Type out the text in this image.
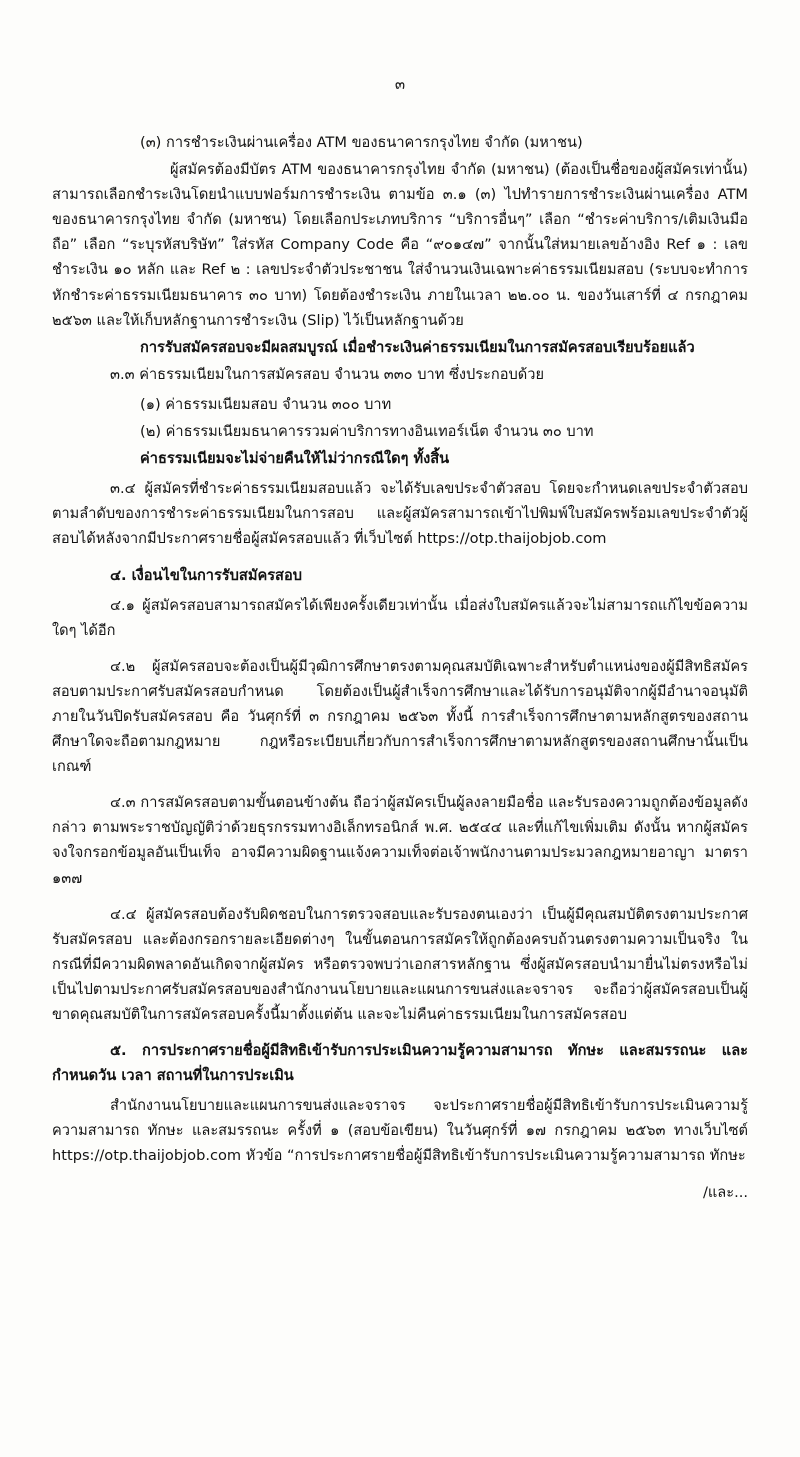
๓

(๓) การชำระเงินผ่านเครื่อง ATM ของธนาคารกรุงไทย จำกัด (มหาชน)

ผู้สมัครต้องมีบัตร ATM ของธนาคารกรุงไทย จำกัด (มหาชน) (ต้องเป็นชื่อของผู้สมัครเท่านั้น) สามารถเลือกชำระเงินโดยนำแบบฟอร์มการชำระเงิน ตามข้อ ๓.๑ (๓) ไปทำรายการชำระเงินผ่านเครื่อง ATM ของธนาคารกรุงไทย จำกัด (มหาชน) โดยเลือกประเภทบริการ “บริการอื่นๆ” เลือก “ชำระค่าบริการ/เติมเงินมือถือ” เลือก “ระบุรหัสบริษัท” ใส่รหัส Company Code คือ “๙๐๑๔๗” จากนั้นใส่หมายเลขอ้างอิง Ref ๑ : เลขชำระเงิน ๑๐ หลัก และ Ref ๒ : เลขประจำตัวประชาชน ใส่จำนวนเงินเฉพาะค่าธรรมเนียมสอบ (ระบบจะทำการหักชำระค่าธรรมเนียมธนาคาร ๓๐ บาท) โดยต้องชำระเงิน ภายในเวลา ๒๒.๐๐ น. ของวันเสาร์ที่ ๔ กรกฎาคม ๒๕๖๓ และให้เก็บหลักฐานการชำระเงิน (Slip) ไว้เป็นหลักฐานด้วย

การรับสมัครสอบจะมีผลสมบูรณ์ เมื่อชำระเงินค่าธรรมเนียมในการสมัครสอบเรียบร้อยแล้ว

๓.๓ ค่าธรรมเนียมในการสมัครสอบ จำนวน ๓๓๐ บาท ซึ่งประกอบด้วย

(๑) ค่าธรรมเนียมสอบ จำนวน ๓๐๐ บาท

(๒) ค่าธรรมเนียมธนาคารรวมค่าบริการทางอินเทอร์เน็ต จำนวน ๓๐ บาท

ค่าธรรมเนียมจะไม่จ่ายคืนให้ไม่ว่ากรณีใดๆ ทั้งสิ้น

๓.๔ ผู้สมัครที่ชำระค่าธรรมเนียมสอบแล้ว จะได้รับเลขประจำตัวสอบ โดยจะกำหนดเลขประจำตัวสอบ ตามลำดับของการชำระค่าธรรมเนียมในการสอบ และผู้สมัครสามารถเข้าไปพิมพ์ใบสมัครพร้อมเลขประจำตัวผู้สอบได้หลังจากมีประกาศรายชื่อผู้สมัครสอบแล้ว ที่เว็บไซต์ https://otp.thaijobjob.com

๔. เงื่อนไขในการรับสมัครสอบ

๔.๑ ผู้สมัครสอบสามารถสมัครได้เพียงครั้งเดียวเท่านั้น เมื่อส่งใบสมัครแล้วจะไม่สามารถแก้ไขข้อความใดๆ ได้อีก

๔.๒ ผู้สมัครสอบจะต้องเป็นผู้มีวุฒิการศึกษาตรงตามคุณสมบัติเฉพาะสำหรับตำแหน่งของผู้มีสิทธิสมัครสอบตามประกาศรับสมัครสอบกำหนด โดยต้องเป็นผู้สำเร็จการศึกษาและได้รับการอนุมัติจากผู้มีอำนาจอนุมัติ ภายในวันปิดรับสมัครสอบ คือ วันศุกร์ที่ ๓ กรกฎาคม ๒๕๖๓ ทั้งนี้ การสำเร็จการศึกษาตามหลักสูตรของสถานศึกษาใดจะถือตามกฎหมาย กฎหรือระเบียบเกี่ยวกับการสำเร็จการศึกษาตามหลักสูตรของสถานศึกษานั้นเป็นเกณฑ์

๔.๓ การสมัครสอบตามขั้นตอนข้างต้น ถือว่าผู้สมัครเป็นผู้ลงลายมือชื่อ และรับรองความถูกต้องข้อมูลดังกล่าว ตามพระราชบัญญัติว่าด้วยธุรกรรมทางอิเล็กทรอนิกส์ พ.ศ. ๒๕๔๔ และที่แก้ไขเพิ่มเติม ดังนั้น หากผู้สมัครจงใจกรอกข้อมูลอันเป็นเท็จ อาจมีความผิดฐานแจ้งความเท็จต่อเจ้าพนักงานตามประมวลกฎหมายอาญา มาตรา ๑๓๗

๔.๔ ผู้สมัครสอบต้องรับผิดชอบในการตรวจสอบและรับรองตนเองว่า เป็นผู้มีคุณสมบัติตรงตามประกาศรับสมัครสอบ และต้องกรอกรายละเอียดต่างๆ ในขั้นตอนการสมัครให้ถูกต้องครบถ้วนตรงตามความเป็นจริง ในกรณีที่มีความผิดพลาดอันเกิดจากผู้สมัคร หรือตรวจพบว่าเอกสารหลักฐาน ซึ่งผู้สมัครสอบนำมายื่นไม่ตรงหรือไม่เป็นไปตามประกาศรับสมัครสอบของสำนักงานนโยบายและแผนการขนส่งและจราจร จะถือว่าผู้สมัครสอบเป็นผู้ขาดคุณสมบัติในการสมัครสอบครั้งนี้มาตั้งแต่ต้น และจะไม่คืนค่าธรรมเนียมในการสมัครสอบ

๕. การประกาศรายชื่อผู้มีสิทธิเข้ารับการประเมินความรู้ความสามารถ ทักษะ และสมรรถนะ และกำหนดวัน เวลา สถานที่ในการประเมิน

สำนักงานนโยบายและแผนการขนส่งและจราจร จะประกาศรายชื่อผู้มีสิทธิเข้ารับการประเมินความรู้ความสามารถ ทักษะ และสมรรถนะ ครั้งที่ ๑ (สอบข้อเขียน) ในวันศุกร์ที่ ๑๗ กรกฎาคม ๒๕๖๓ ทางเว็บไซต์ https://otp.thaijobjob.com หัวข้อ “การประกาศรายชื่อผู้มีสิทธิเข้ารับการประเมินความรู้ความสามารถ ทักษะ

/และ...
